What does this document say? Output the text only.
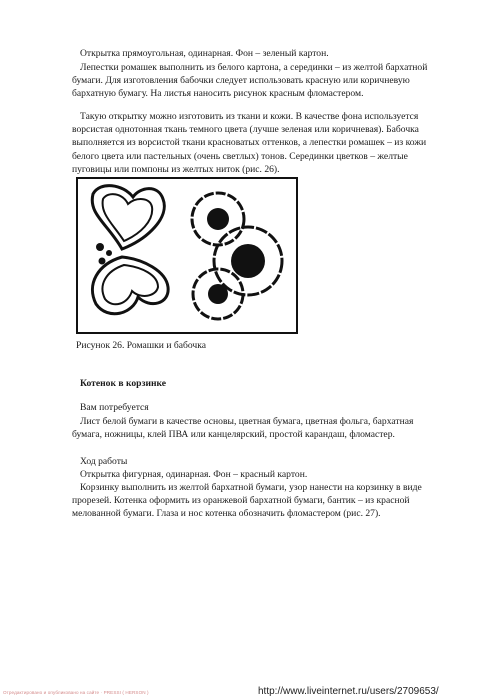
Открытка прямоугольная, одинарная. Фон – зеленый картон.

Лепестки ромашек выполнить из белого картона, а серединки – из желтой бархатной бумаги. Для изготовления бабочки следует использовать красную или коричневую бархатную бумагу. На листья наносить рисунок красным фломастером.

Такую открытку можно изготовить из ткани и кожи. В качестве фона используется ворсистая однотонная ткань темного цвета (лучше зеленая или коричневая). Бабочка выполняется из ворсистой ткани красноватых оттенков, а лепестки ромашек – из кожи белого цвета или пастельных (очень светлых) тонов. Серединки цветков – желтые пуговицы или помпоны из желтых ниток (рис. 26).

Рисунок 26. Ромашки и бабочка
Котенок в корзинке

Вам потребуется

Лист белой бумаги в качестве основы, цветная бумага, цветная фольга, бархатная бумага, ножницы, клей ПВА или канцелярский, простой карандаш, фломастер.

Ход работы

Открытка фигурная, одинарная. Фон – красный картон.

Корзинку выполнить из желтой бархатной бумаги, узор нанести на корзинку в виде прорезей. Котенка оформить из оранжевой бархатной бумаги, бантик – из красной мелованной бумаги. Глаза и нос котенка обозначить фломастером (рис. 27).

Отредактировано и опубликовано на сайте · PRESSI ( HERSON )	http://www.liveinternet.ru/users/2709653/
